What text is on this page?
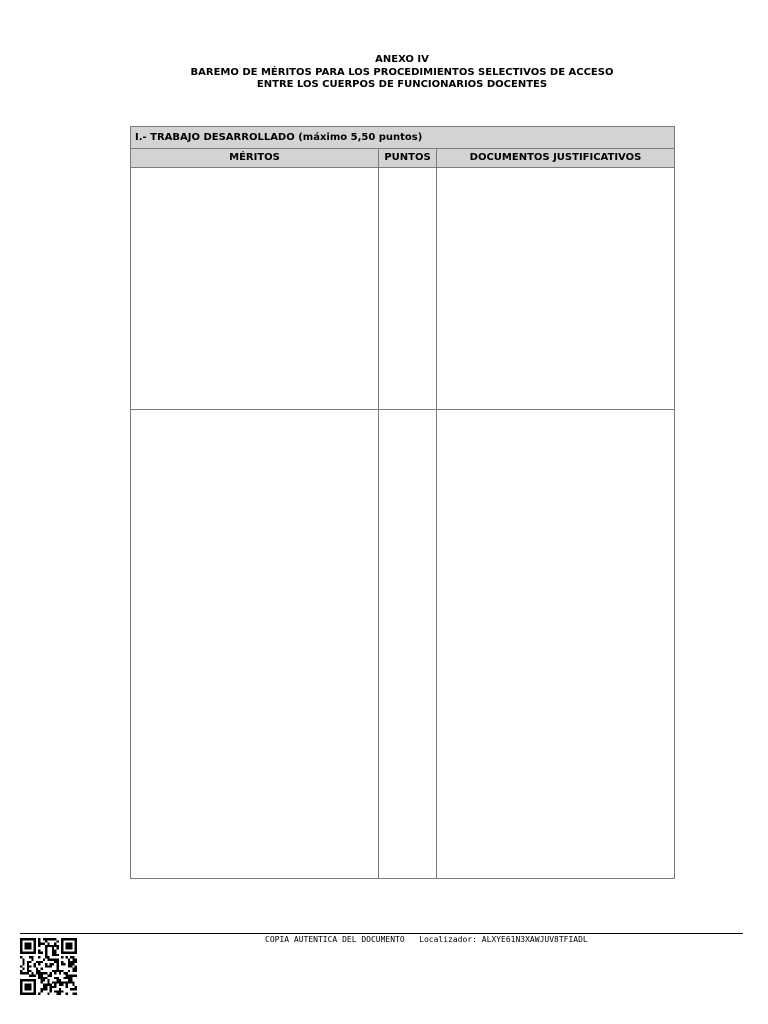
ANEXO IV
BAREMO DE MÉRITOS PARA LOS PROCEDIMIENTOS SELECTIVOS DE ACCESO
ENTRE LOS CUERPOS DE FUNCIONARIOS DOCENTES
I.- TRABAJO DESARROLLADO (máximo 5,50 puntos)
MÉRITOS	PUNTOS	DOCUMENTOS JUSTIFICATIVOS
COPIA AUTENTICA DEL DOCUMENTO Localizador: ALXYE61N3XAWJUV8TFIADL
